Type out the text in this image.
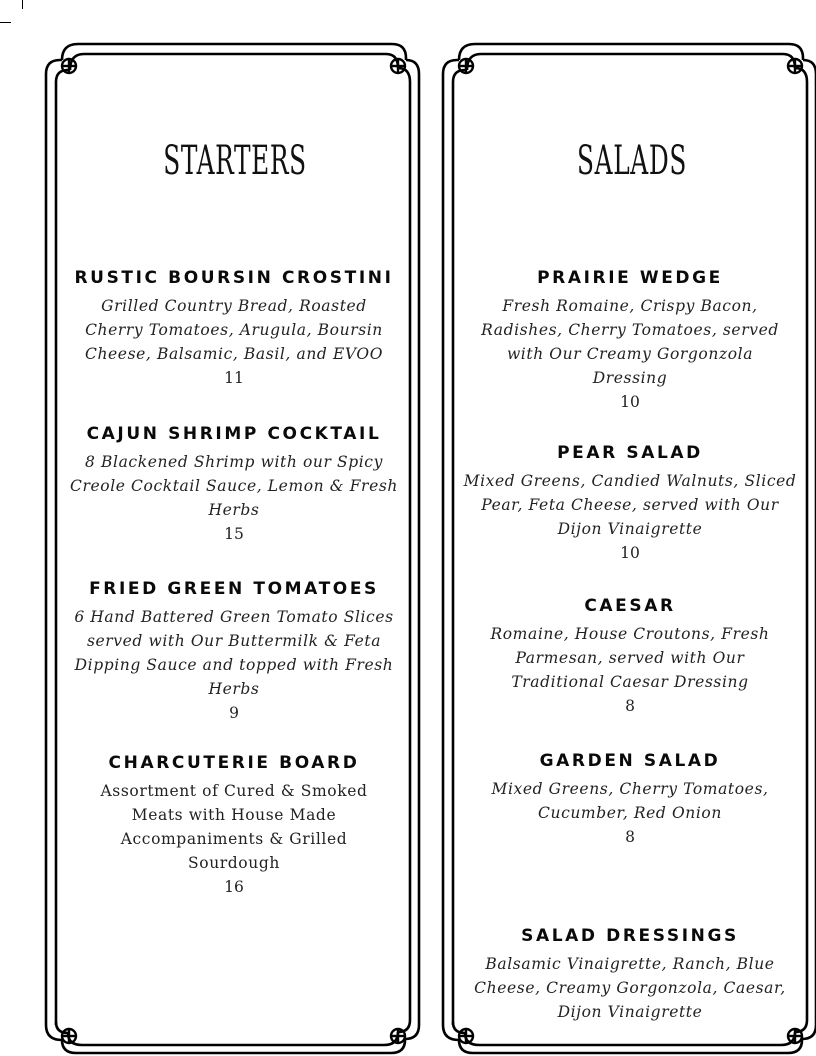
STARTERS
RUSTIC BOURSIN CROSTINI
Grilled Country Bread, Roasted Cherry Tomatoes, Arugula, Boursin Cheese, Balsamic, Basil, and EVOO
11
CAJUN SHRIMP COCKTAIL
8 Blackened Shrimp with our Spicy Creole Cocktail Sauce, Lemon & Fresh Herbs
15
FRIED GREEN TOMATOES
6 Hand Battered Green Tomato Slices served with Our Buttermilk & Feta Dipping Sauce and topped with Fresh Herbs
9
CHARCUTERIE BOARD
Assortment of Cured & Smoked Meats with House Made Accompaniments & Grilled Sourdough
16
SALADS
PRAIRIE WEDGE
Fresh Romaine, Crispy Bacon, Radishes, Cherry Tomatoes, served with Our Creamy Gorgonzola Dressing
10
PEAR SALAD
Mixed Greens, Candied Walnuts, Sliced Pear, Feta Cheese, served with Our Dijon Vinaigrette
10
CAESAR
Romaine, House Croutons, Fresh Parmesan, served with Our Traditional Caesar Dressing
8
GARDEN SALAD
Mixed Greens, Cherry Tomatoes, Cucumber, Red Onion
8
SALAD DRESSINGS
Balsamic Vinaigrette, Ranch, Blue Cheese, Creamy Gorgonzola, Caesar, Dijon Vinaigrette
